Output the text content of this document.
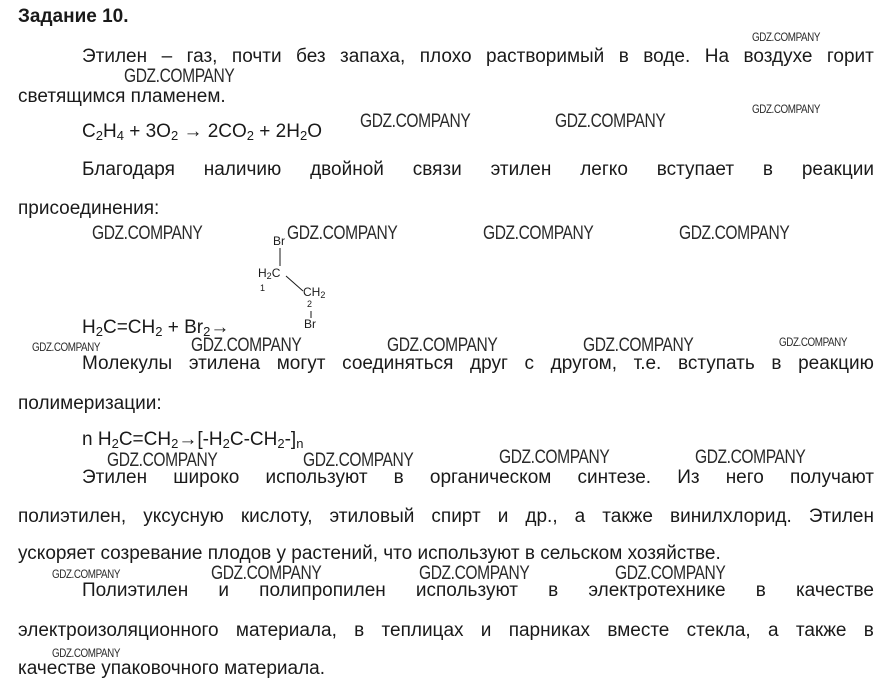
Задание 10.
Этилен – газ, почти без запаха, плохо растворимый в воде. На воздухе горит
светящимся пламенем.
$C_2H_4 + 3O_2 \to 2CO_2 + 2H_2O$
Благодаря наличию двойной связи этилен легко вступает в реакции
присоединения:
Br
$H_2C$
1	$CH_2$
2
Br
$H_2C=CH_2 + Br_2\to$
Молекулы этилена могут соединяться друг с другом, т.е. вступать в реакцию
полимеризации:
n $H_2C=CH_2\to[-H_2C-CH_2-]_n$
Этилен широко используют в органическом синтезе. Из него получают
полиэтилен, уксусную кислоту, этиловый спирт и др., а также винилхлорид. Этилен
ускоряет созревание плодов у растений, что используют в сельском хозяйстве.
Полиэтилен и полипропилен используют в электротехнике в качестве
электроизоляционного материала, в теплицах и парниках вместе стекла, а также в
качестве упаковочного материала.
GDZ.COMPANY
GDZ.COMPANY
GDZ.COMPANY
GDZ.COMPANY	GDZ.COMPANY
GDZ.COMPANY	GDZ.COMPANY	GDZ.COMPANY	GDZ.COMPANY
GDZ.COMPANY	GDZ.COMPANY	GDZ.COMPANY	GDZ.COMPANY	GDZ.COMPANY
GDZ.COMPANY	GDZ.COMPANY	GDZ.COMPANY	GDZ.COMPANY
GDZ.COMPANY	GDZ.COMPANY	GDZ.COMPANY	GDZ.COMPANY
GDZ.COMPANY
